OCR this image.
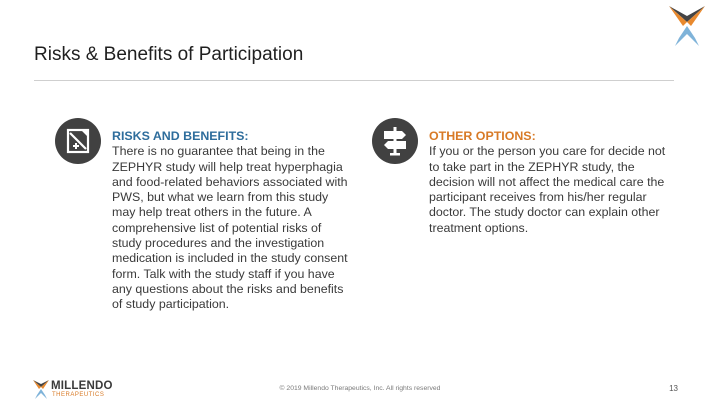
Risks & Benefits of Participation
RISKS AND BENEFITS:
There is no guarantee that being in the ZEPHYR study will help treat hyperphagia and food-related behaviors associated with PWS, but what we learn from this study may help treat others in the future. A comprehensive list of potential risks of study procedures and the investigation medication is included in the study consent form. Talk with the study staff if you have any questions about the risks and benefits of study participation.
OTHER OPTIONS:
If you or the person you care for decide not to take part in the ZEPHYR study, the decision will not affect the medical care the participant receives from his/her regular doctor. The study doctor can explain other treatment options.
MILLENDO
THERAPEUTICS
© 2019 Millendo Therapeutics, Inc. All rights reserved	13
